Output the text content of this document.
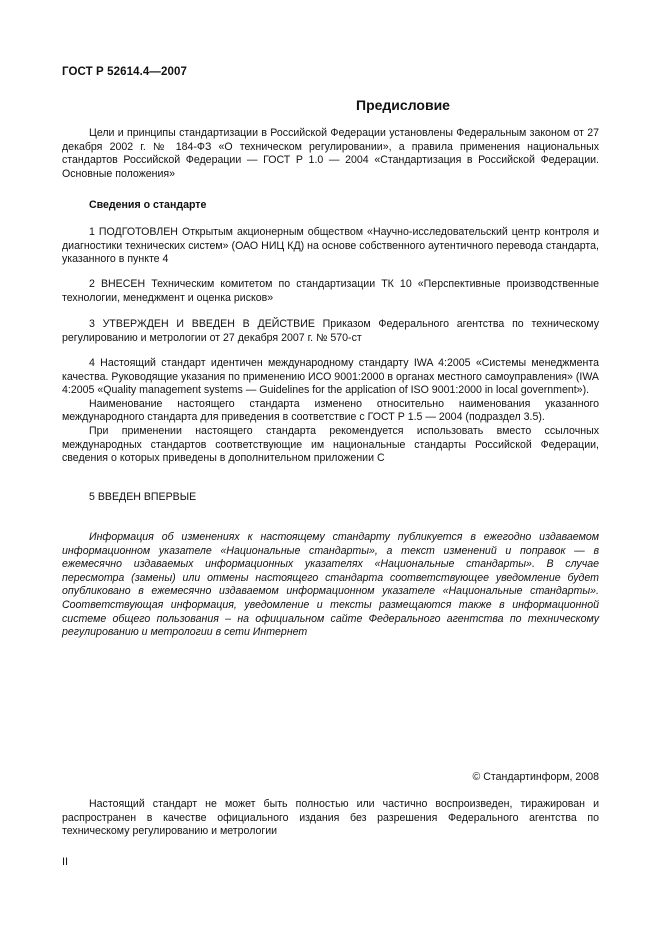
ГОСТ Р 52614.4—2007
Предисловие

Цели и принципы стандартизации в Российской Федерации установлены Федеральным законом от 27 декабря 2002 г. № 184-ФЗ «О техническом регулировании», а правила применения национальных стандартов Российской Федерации — ГОСТ Р 1.0 — 2004 «Стандартизация в Российской Федерации. Основные положения»

Сведения о стандарте

1 ПОДГОТОВЛЕН Открытым акционерным обществом «Научно-исследовательский центр контроля и диагностики технических систем» (ОАО НИЦ КД) на основе собственного аутентичного перевода стандарта, указанного в пункте 4

2 ВНЕСЕН Техническим комитетом по стандартизации ТК 10 «Перспективные производственные технологии, менеджмент и оценка рисков»

3 УТВЕРЖДЕН И ВВЕДЕН В ДЕЙСТВИЕ Приказом Федерального агентства по техническому регулированию и метрологии от 27 декабря 2007 г. № 570-ст

4 Настоящий стандарт идентичен международному стандарту IWA 4:2005 «Системы менеджмента качества. Руководящие указания по применению ИСО 9001:2000 в органах местного самоуправления» (IWA 4:2005 «Quality management systems — Guidelines for the application of ISO 9001:2000 in local government»).

Наименование настоящего стандарта изменено относительно наименования указанного международного стандарта для приведения в соответствие с ГОСТ Р 1.5 — 2004 (подраздел 3.5).

При применении настоящего стандарта рекомендуется использовать вместо ссылочных международных стандартов соответствующие им национальные стандарты Российской Федерации, сведения о которых приведены в дополнительном приложении С

5 ВВЕДЕН ВПЕРВЫЕ

Информация об изменениях к настоящему стандарту публикуется в ежегодно издаваемом информационном указателе «Национальные стандарты», а текст изменений и поправок — в ежемесячно издаваемых информационных указателях «Национальные стандарты». В случае пересмотра (замены) или отмены настоящего стандарта соответствующее уведомление будет опубликовано в ежемесячно издаваемом информационном указателе «Национальные стандарты». Соответствующая информация, уведомление и тексты размещаются также в информационной системе общего пользования – на официальном сайте Федерального агентства по техническому регулированию и метрологии в сети Интернет

© Стандартинформ, 2008

Настоящий стандарт не может быть полностью или частично воспроизведен, тиражирован и распространен в качестве официального издания без разрешения Федерального агентства по техническому регулированию и метрологии

II
